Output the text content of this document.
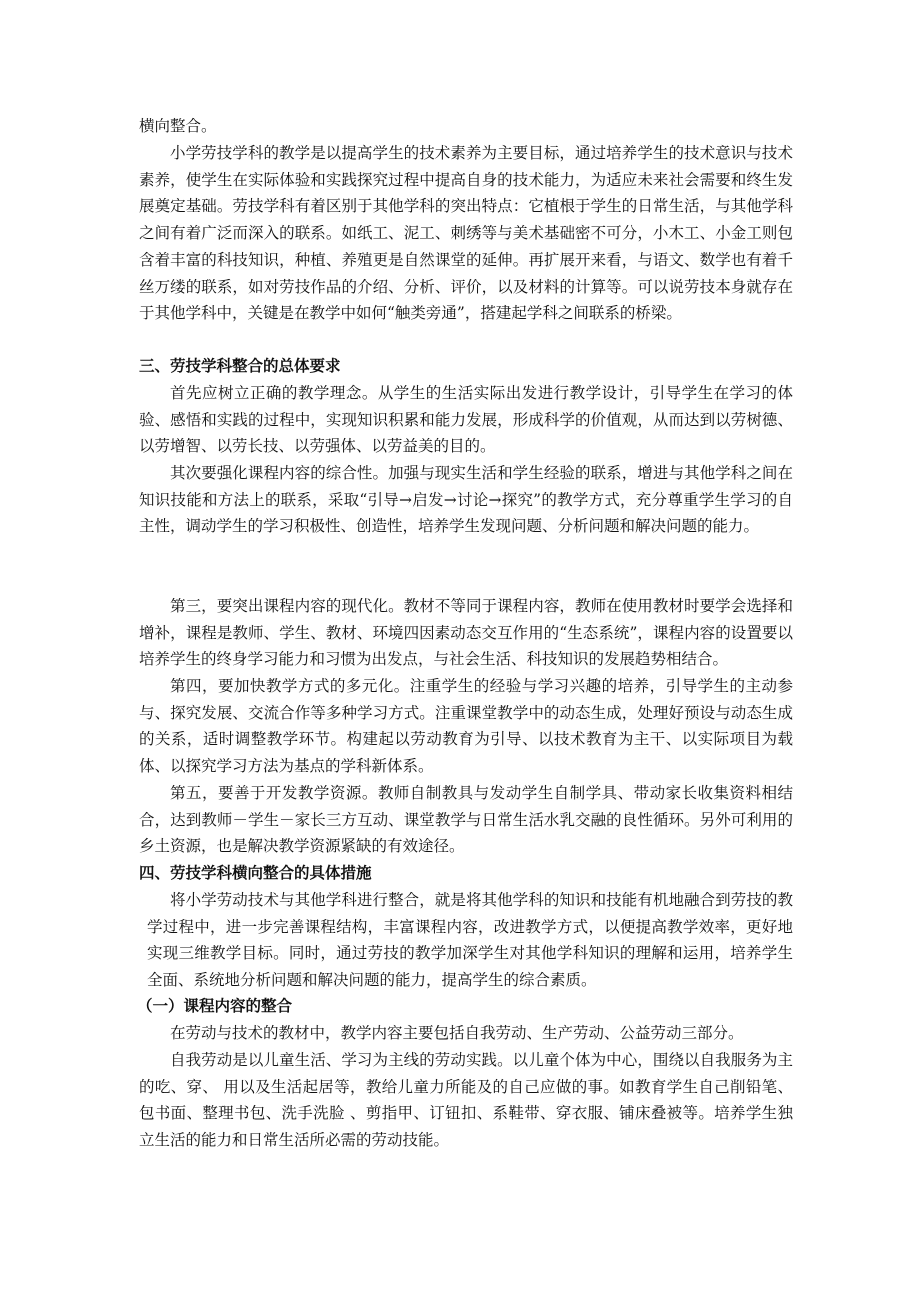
横向整合。

小学劳技学科的教学是以提高学生的技术素养为主要目标，通过培养学生的技术意识与技术素养，使学生在实际体验和实践探究过程中提高自身的技术能力，为适应未来社会需要和终生发展奠定基础。劳技学科有着区别于其他学科的突出特点：它植根于学生的日常生活，与其他学科之间有着广泛而深入的联系。如纸工、泥工、刺绣等与美术基础密不可分，小木工、小金工则包含着丰富的科技知识，种植、养殖更是自然课堂的延伸。再扩展开来看，与语文、数学也有着千丝万缕的联系，如对劳技作品的介绍、分析、评价，以及材料的计算等。可以说劳技本身就存在于其他学科中，关键是在教学中如何“触类旁通”，搭建起学科之间联系的桥梁。

三、劳技学科整合的总体要求

首先应树立正确的教学理念。从学生的生活实际出发进行教学设计，引导学生在学习的体验、感悟和实践的过程中，实现知识积累和能力发展，形成科学的价值观，从而达到以劳树德、以劳增智、以劳长技、以劳强体、以劳益美的目的。

其次要强化课程内容的综合性。加强与现实生活和学生经验的联系，增进与其他学科之间在知识技能和方法上的联系，采取“引导→启发→讨论→探究”的教学方式，充分尊重学生学习的自主性，调动学生的学习积极性、创造性，培养学生发现问题、分析问题和解决问题的能力。

第三，要突出课程内容的现代化。教材不等同于课程内容，教师在使用教材时要学会选择和增补，课程是教师、学生、教材、环境四因素动态交互作用的“生态系统”，课程内容的设置要以培养学生的终身学习能力和习惯为出发点，与社会生活、科技知识的发展趋势相结合。

第四，要加快教学方式的多元化。注重学生的经验与学习兴趣的培养，引导学生的主动参与、探究发展、交流合作等多种学习方式。注重课堂教学中的动态生成，处理好预设与动态生成的关系，适时调整教学环节。构建起以劳动教育为引导、以技术教育为主干、以实际项目为载体、以探究学习方法为基点的学科新体系。

第五，要善于开发教学资源。教师自制教具与发动学生自制学具、带动家长收集资料相结合，达到教师－学生－家长三方互动、课堂教学与日常生活水乳交融的良性循环。另外可利用的乡土资源，也是解决教学资源紧缺的有效途径。

四、劳技学科横向整合的具体措施

将小学劳动技术与其他学科进行整合，就是将其他学科的知识和技能有机地融合到劳技的教学过程中，进一步完善课程结构，丰富课程内容，改进教学方式，以便提高教学效率，更好地实现三维教学目标。同时，通过劳技的教学加深学生对其他学科知识的理解和运用，培养学生全面、系统地分析问题和解决问题的能力，提高学生的综合素质。

（一）课程内容的整合

在劳动与技术的教材中，教学内容主要包括自我劳动、生产劳动、公益劳动三部分。

自我劳动是以儿童生活、学习为主线的劳动实践。以儿童个体为中心，围绕以自我服务为主的吃、穿、 用以及生活起居等，教给儿童力所能及的自己应做的事。如教育学生自己削铅笔、包书面、整理书包、洗手洗脸 、剪指甲、订钮扣、系鞋带、穿衣服、铺床叠被等。培养学生独立生活的能力和日常生活所必需的劳动技能。
